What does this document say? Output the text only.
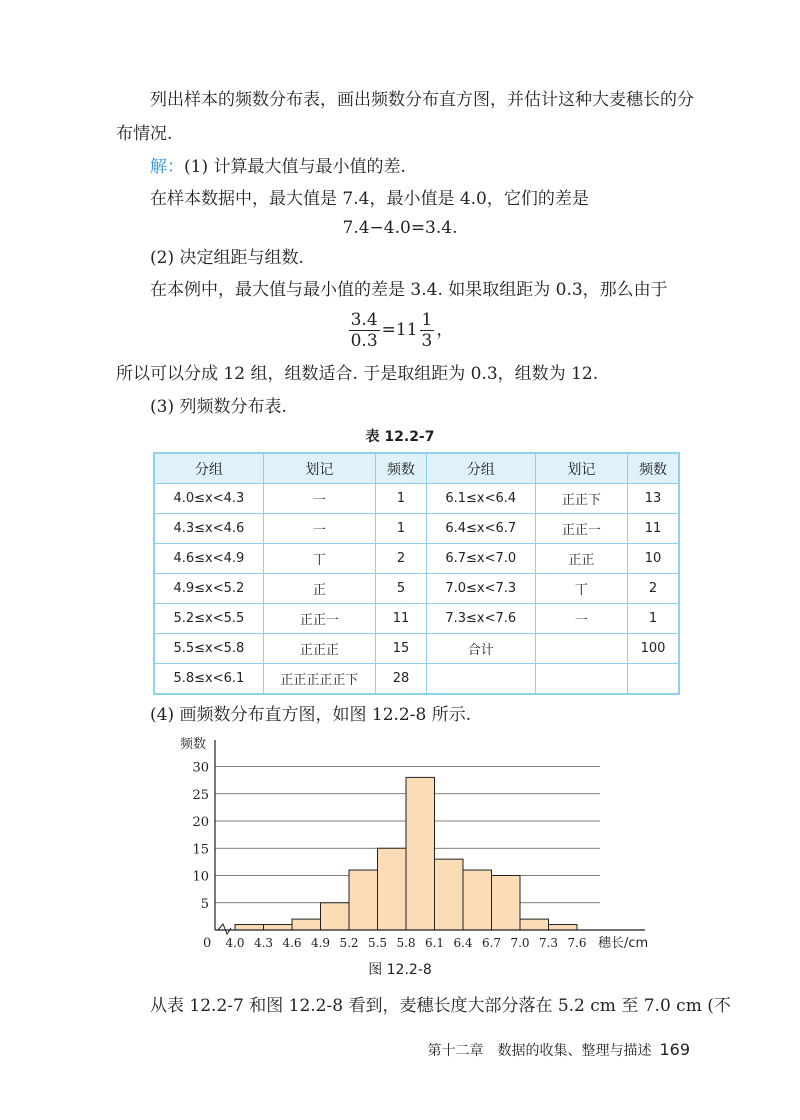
列出样本的频数分布表，画出频数分布直方图，并估计这种大麦穗长的分
布情况.
解：(1) 计算最大值与最小值的差.
在样本数据中，最大值是 7.4，最小值是 4.0，它们的差是
7.4−4.0=3.4.
(2) 决定组距与组数.
在本例中，最大值与最小值的差是 3.4. 如果取组距为 0.3，那么由于
$\frac{3.4}{0.3} =11 \frac{1}{3}$ ，
所以可以分成 12 组，组数适合. 于是取组距为 0.3，组数为 12.
(3) 列频数分布表.
表 12.2-7
分组	划记	频数	分组	划记	频数
4.0≤x<4.3	一	1	6.1≤x<6.4	正正下	13
4.3≤x<4.6	一	1	6.4≤x<6.7	正正一	11
4.6≤x<4.9	丅	2	6.7≤x<7.0	正正	10
4.9≤x<5.2	正	5	7.0≤x<7.3	丅	2
5.2≤x<5.5	正正一	11	7.3≤x<7.6	一	1
5.5≤x<5.8	正正正	15	合计		100
5.8≤x<6.1	正正正正正下	28			
(4) 画频数分布直方图，如图 12.2-8 所示.
5
10
15
20
25
30
0 4.0 4.3 4.6 4.9 5.2 5.5 5.8 6.1 6.4 6.7 7.0 7.3 7.6 穗长/cm
频数
图 12.2-8
从表 12.2-7 和图 12.2-8 看到，麦穗长度大部分落在 5.2 cm 至 7.0 cm (不
第十二章　数据的收集、整理与描述 169
